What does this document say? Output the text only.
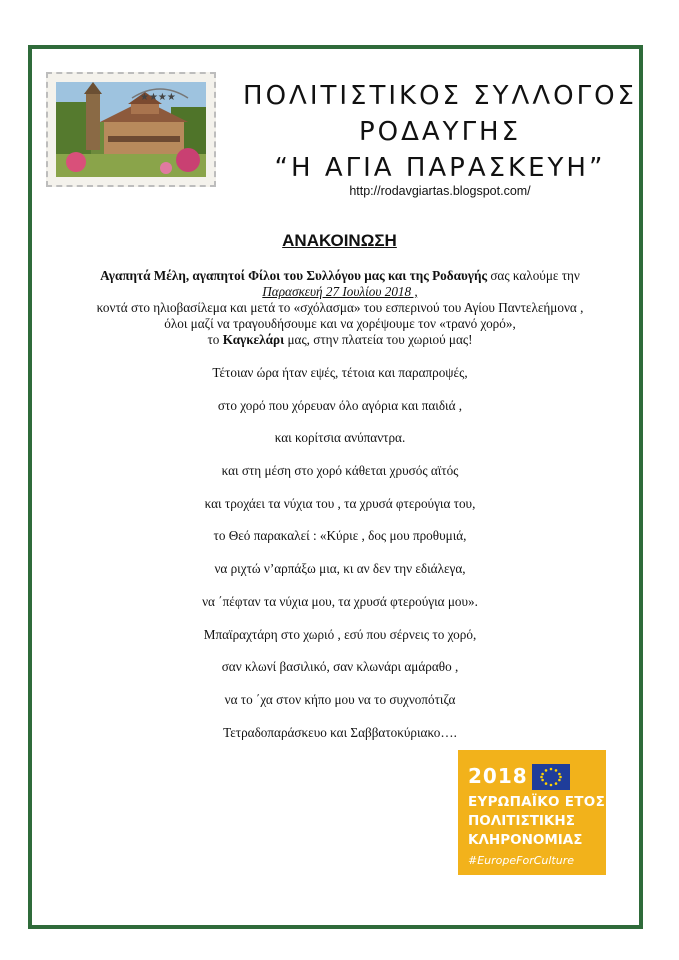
★★★★	ΠΟΛΙΤΙΣΤΙΚΟΣ ΣΥΛΛΟΓΟΣ
ΡΟΔΑΥΓΗΣ
“Η ΑΓΙΑ ΠΑΡΑΣΚΕΥΗ”
http://rodavgiartas.blogspot.com/
ΑΝΑΚΟΙΝΩΣΗ
Αγαπητά Μέλη, αγαπητοί Φίλοι του Συλλόγου μας και της Ροδαυγής σας καλούμε την
Παρασκευή 27 Ιουλίου 2018 ,
κοντά στο ηλιοβασίλεμα και μετά το «σχόλασμα» του εσπερινού του Αγίου Παντελεήμονα ,
όλοι μαζί να τραγουδήσουμε και να χορέψουμε τον «τρανό χορό»,
το Καγκελάρι μας, στην πλατεία του χωριού μας!
Τέτοιαν ώρα ήταν εψές, τέτοια και παραπροψές,
στο χορό που χόρευαν όλο αγόρια και παιδιά ,
και κορίτσια ανύπαντρα.
και στη μέση στο χορό κάθεται χρυσός αϊτός
και τροχάει τα νύχια του , τα χρυσά φτερούγια του,
το Θεό παρακαλεί : «Κύριε , δος μου προθυμιά,
να ριχτώ ν’αρπάξω μια, κι αν δεν την εδιάλεγα,
να ΄πέφταν τα νύχια μου, τα χρυσά φτερούγια μου».
Μπαϊραχτάρη στο χωριό , εσύ που σέρνεις το χορό,
σαν κλωνί βασιλικό, σαν κλωνάρι αμάραθο ,
να το ΄χα στον κήπο μου να το συχνοπότιζα
Τετραδοπαράσκευο και Σαββατοκύριακο….
2018
ΕΥΡΩΠΑΪΚΟ ΕΤΟΣ
ΠΟΛΙΤΙΣΤΙΚΗΣ
ΚΛΗΡΟΝΟΜΙΑΣ
#EuropeForCulture
